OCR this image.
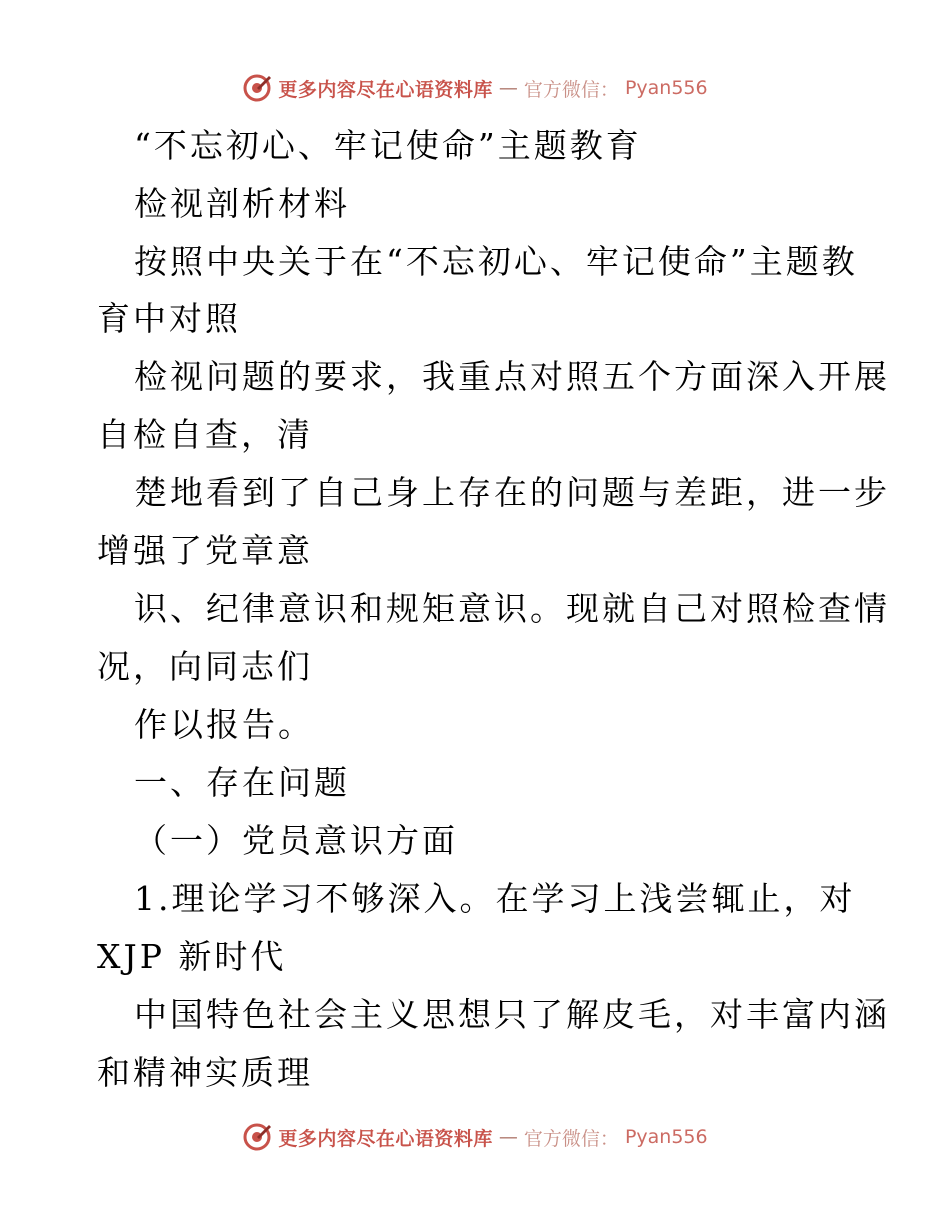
更多内容尽在心语资料库 — 官方微信： Pyan556
“不忘初心、牢记使命”主题教育
检视剖析材料
按照中央关于在“不忘初心、牢记使命”主题教
育中对照
检视问题的要求，我重点对照五个方面深入开展
自检自查，清
楚地看到了自己身上存在的问题与差距，进一步
增强了党章意
识、纪律意识和规矩意识。现就自己对照检查情
况，向同志们
作以报告。
一、存在问题
（一）党员意识方面
1.理论学习不够深入。在学习上浅尝辄止，对
XJP 新时代
中国特色社会主义思想只了解皮毛，对丰富内涵
和精神实质理
更多内容尽在心语资料库 — 官方微信： Pyan556
